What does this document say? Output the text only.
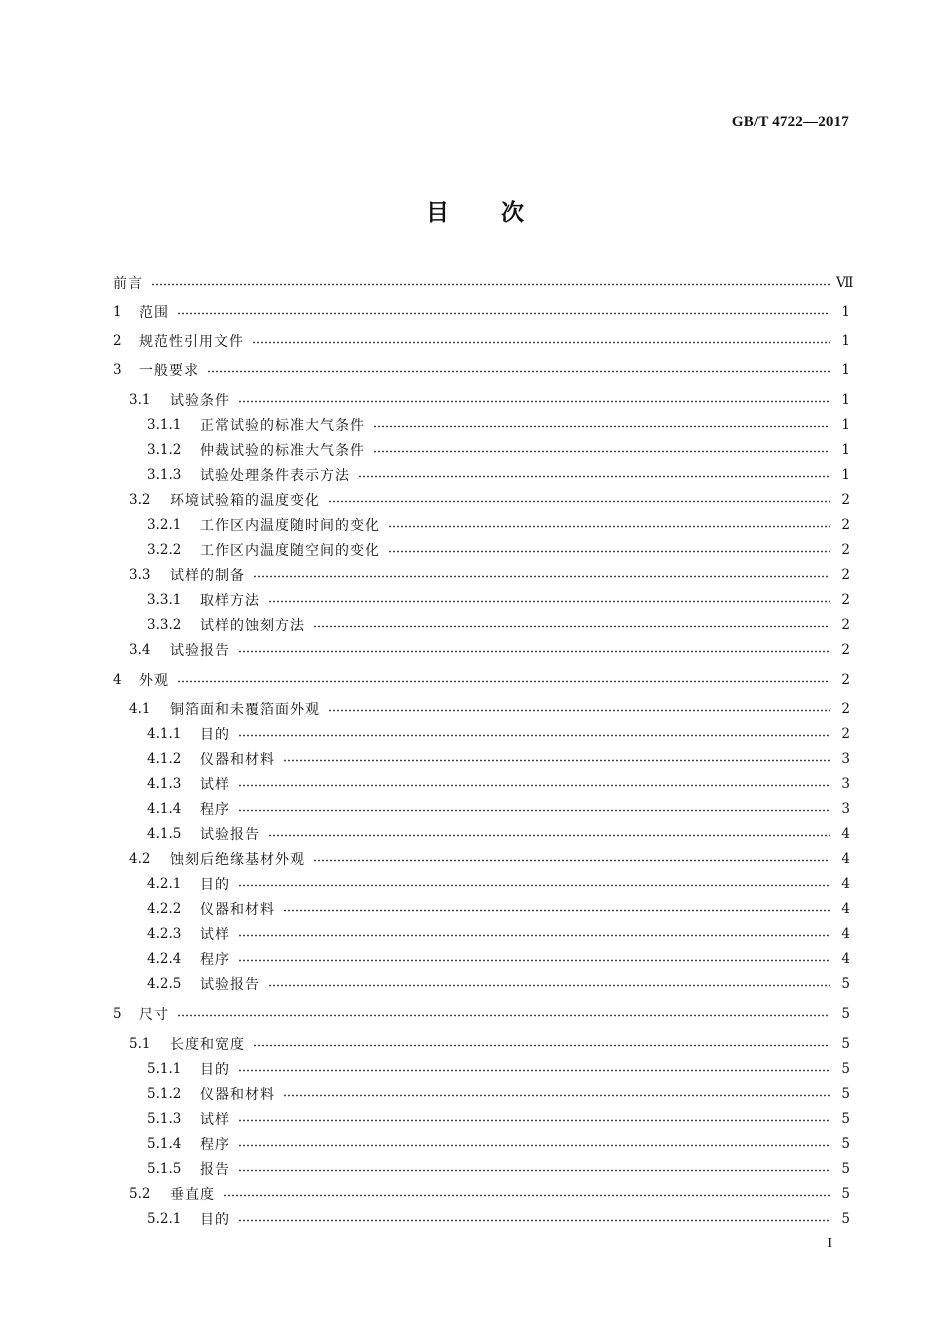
GB/T 4722—2017
目次
前言	Ⅶ
1	范围	1
2	规范性引用文件	1
3	一般要求	1
3.1	试验条件	1
3.1.1	正常试验的标准大气条件	1
3.1.2	仲裁试验的标准大气条件	1
3.1.3	试验处理条件表示方法	1
3.2	环境试验箱的温度变化	2
3.2.1	工作区内温度随时间的变化	2
3.2.2	工作区内温度随空间的变化	2
3.3	试样的制备	2
3.3.1	取样方法	2
3.3.2	试样的蚀刻方法	2
3.4	试验报告	2
4	外观	2
4.1	铜箔面和未覆箔面外观	2
4.1.1	目的	2
4.1.2	仪器和材料	3
4.1.3	试样	3
4.1.4	程序	3
4.1.5	试验报告	4
4.2	蚀刻后绝缘基材外观	4
4.2.1	目的	4
4.2.2	仪器和材料	4
4.2.3	试样	4
4.2.4	程序	4
4.2.5	试验报告	5
5	尺寸	5
5.1	长度和宽度	5
5.1.1	目的	5
5.1.2	仪器和材料	5
5.1.3	试样	5
5.1.4	程序	5
5.1.5	报告	5
5.2	垂直度	5
5.2.1	目的	5
I
